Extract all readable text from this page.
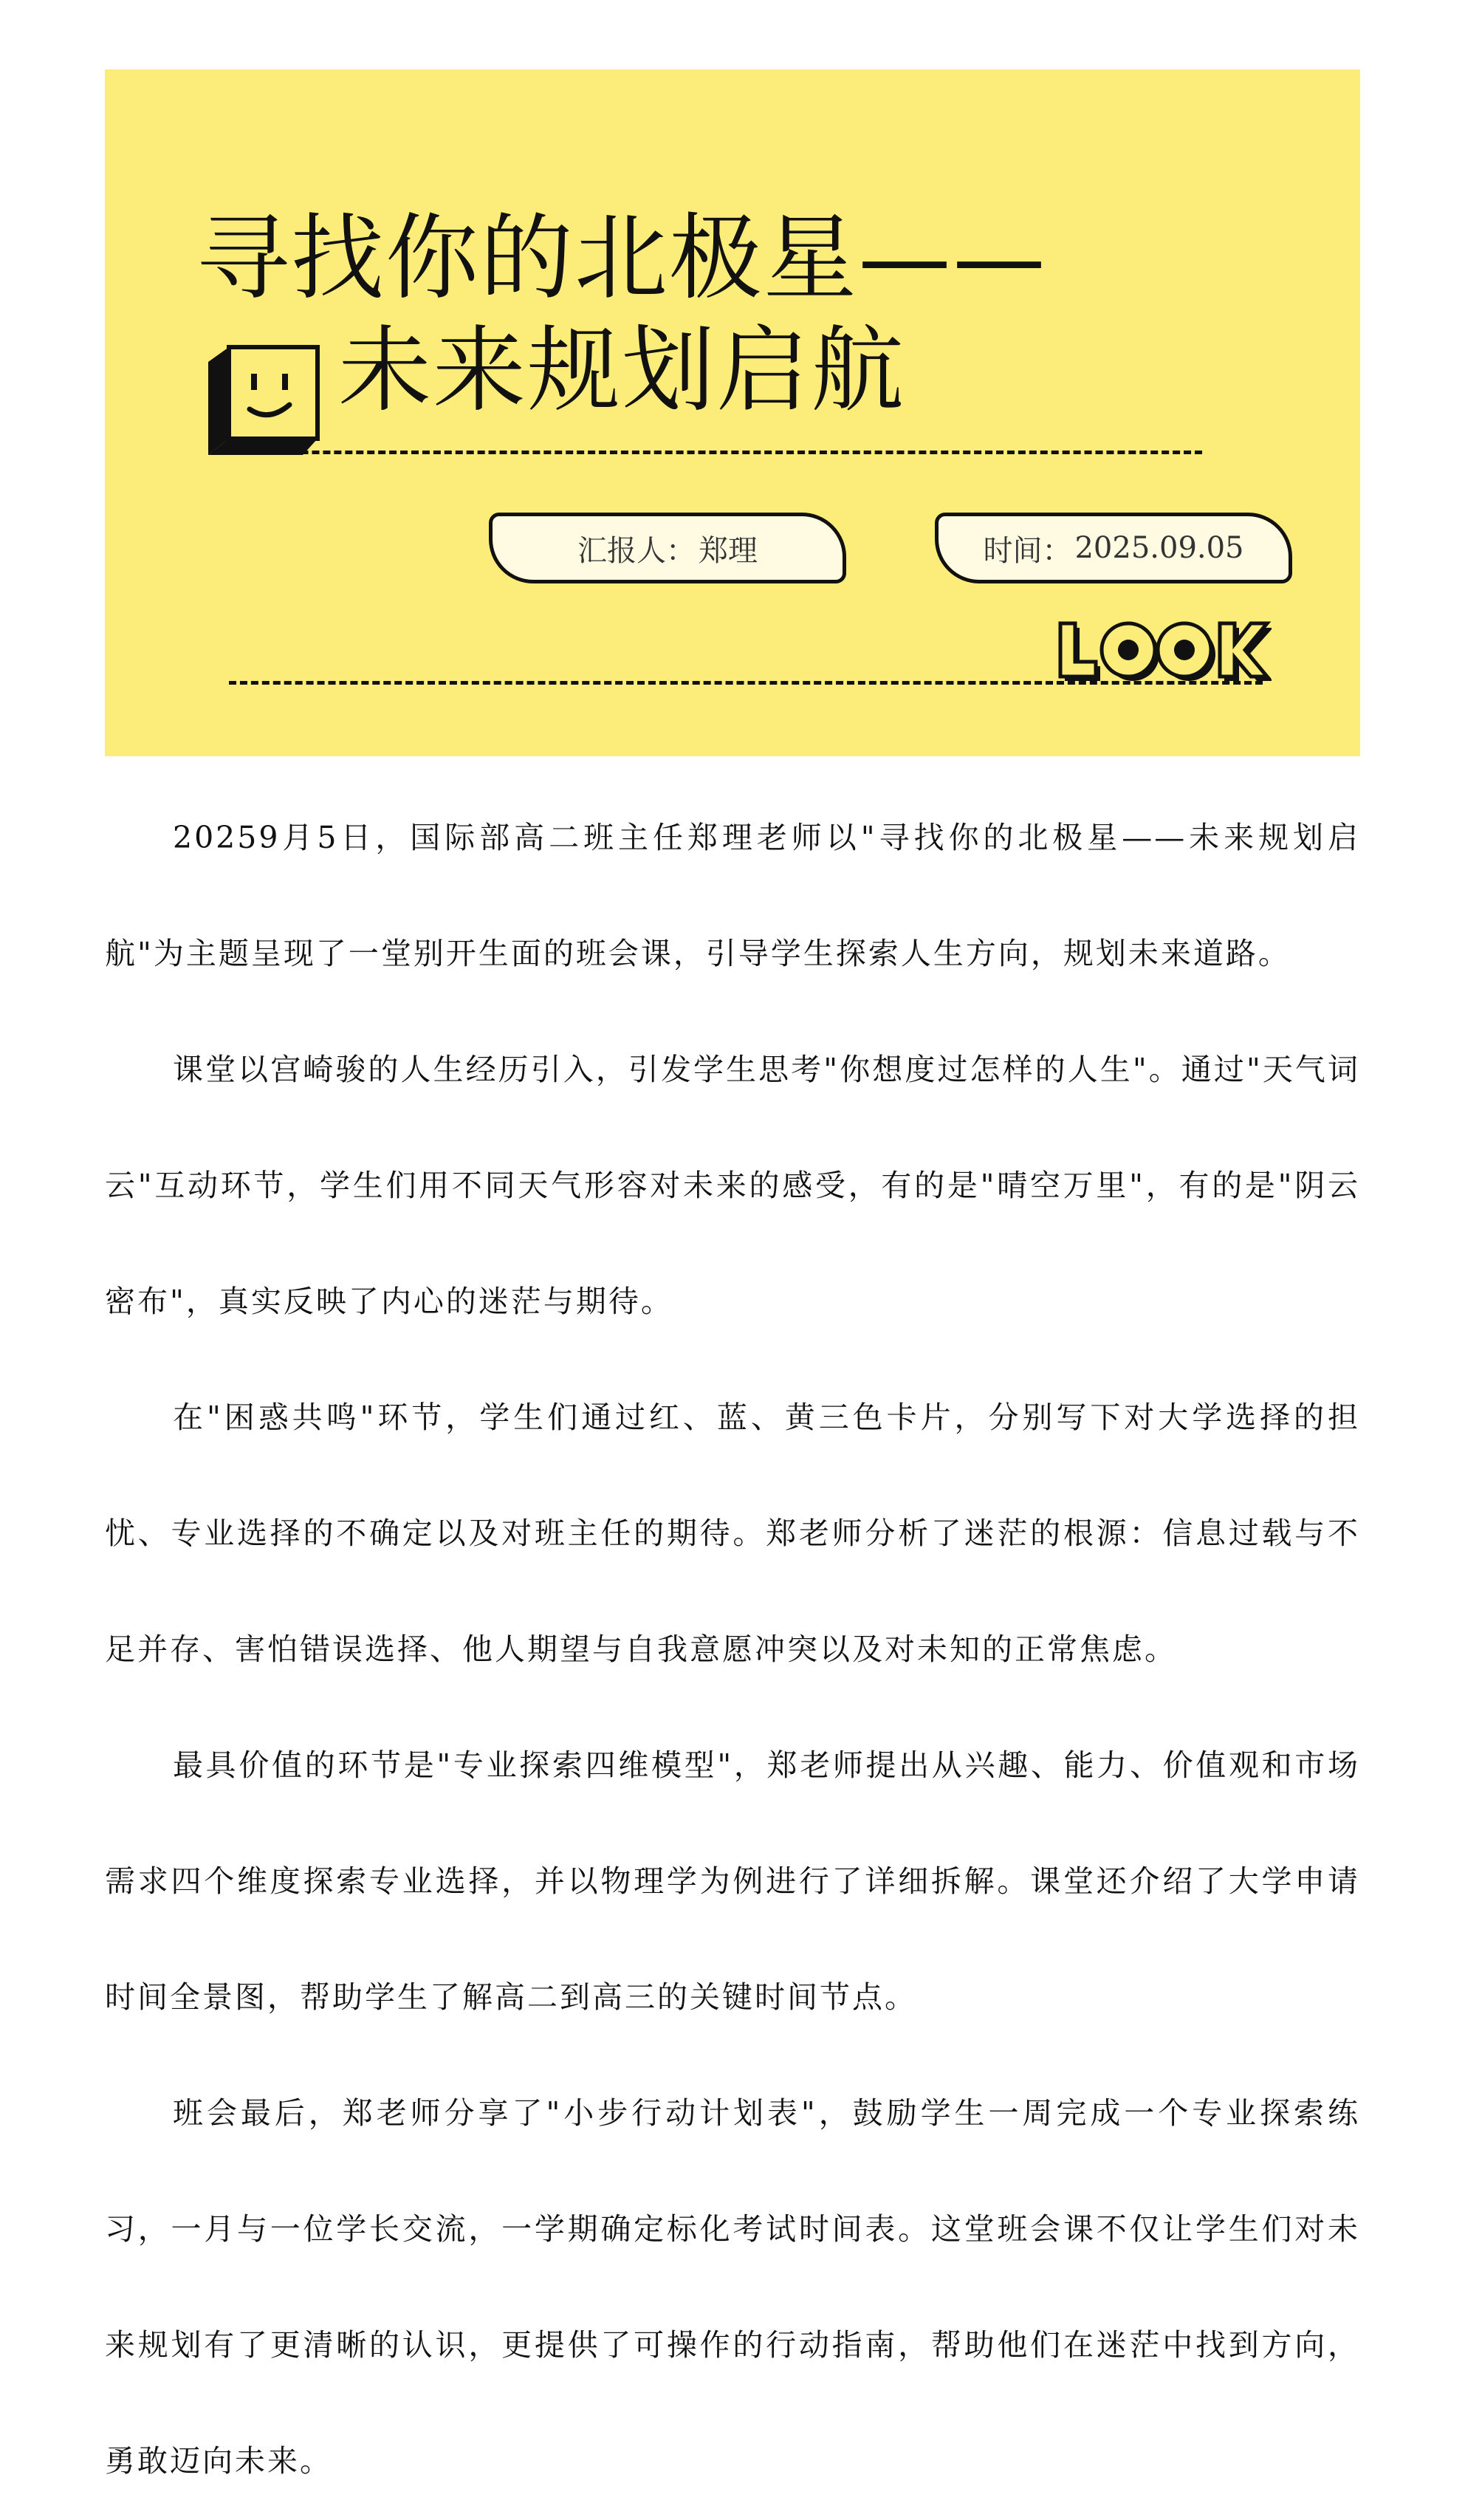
寻找你的北极星——
未来规划启航
汇报人： 郑理	时间： 2025.09.05

20259月5日，国际部高二班主任郑理老师以"寻找你的北极星——未来规划启航"为主题呈现了一堂别开生面的班会课，引导学生探索人生方向，规划未来道路。

课堂以宫崎骏的人生经历引入，引发学生思考"你想度过怎样的人生"。通过"天气词云"互动环节，学生们用不同天气形容对未来的感受，有的是"晴空万里"，有的是"阴云密布"，真实反映了内心的迷茫与期待。

在"困惑共鸣"环节，学生们通过红、蓝、黄三色卡片，分别写下对大学选择的担忧、专业选择的不确定以及对班主任的期待。郑老师分析了迷茫的根源：信息过载与不足并存、害怕错误选择、他人期望与自我意愿冲突以及对未知的正常焦虑。

最具价值的环节是"专业探索四维模型"，郑老师提出从兴趣、能力、价值观和市场需求四个维度探索专业选择，并以物理学为例进行了详细拆解。课堂还介绍了大学申请时间全景图，帮助学生了解高二到高三的关键时间节点。

班会最后，郑老师分享了"小步行动计划表"，鼓励学生一周完成一个专业探索练习，一月与一位学长交流，一学期确定标化考试时间表。这堂班会课不仅让学生们对未来规划有了更清晰的认识，更提供了可操作的行动指南，帮助他们在迷茫中找到方向，勇敢迈向未来。
